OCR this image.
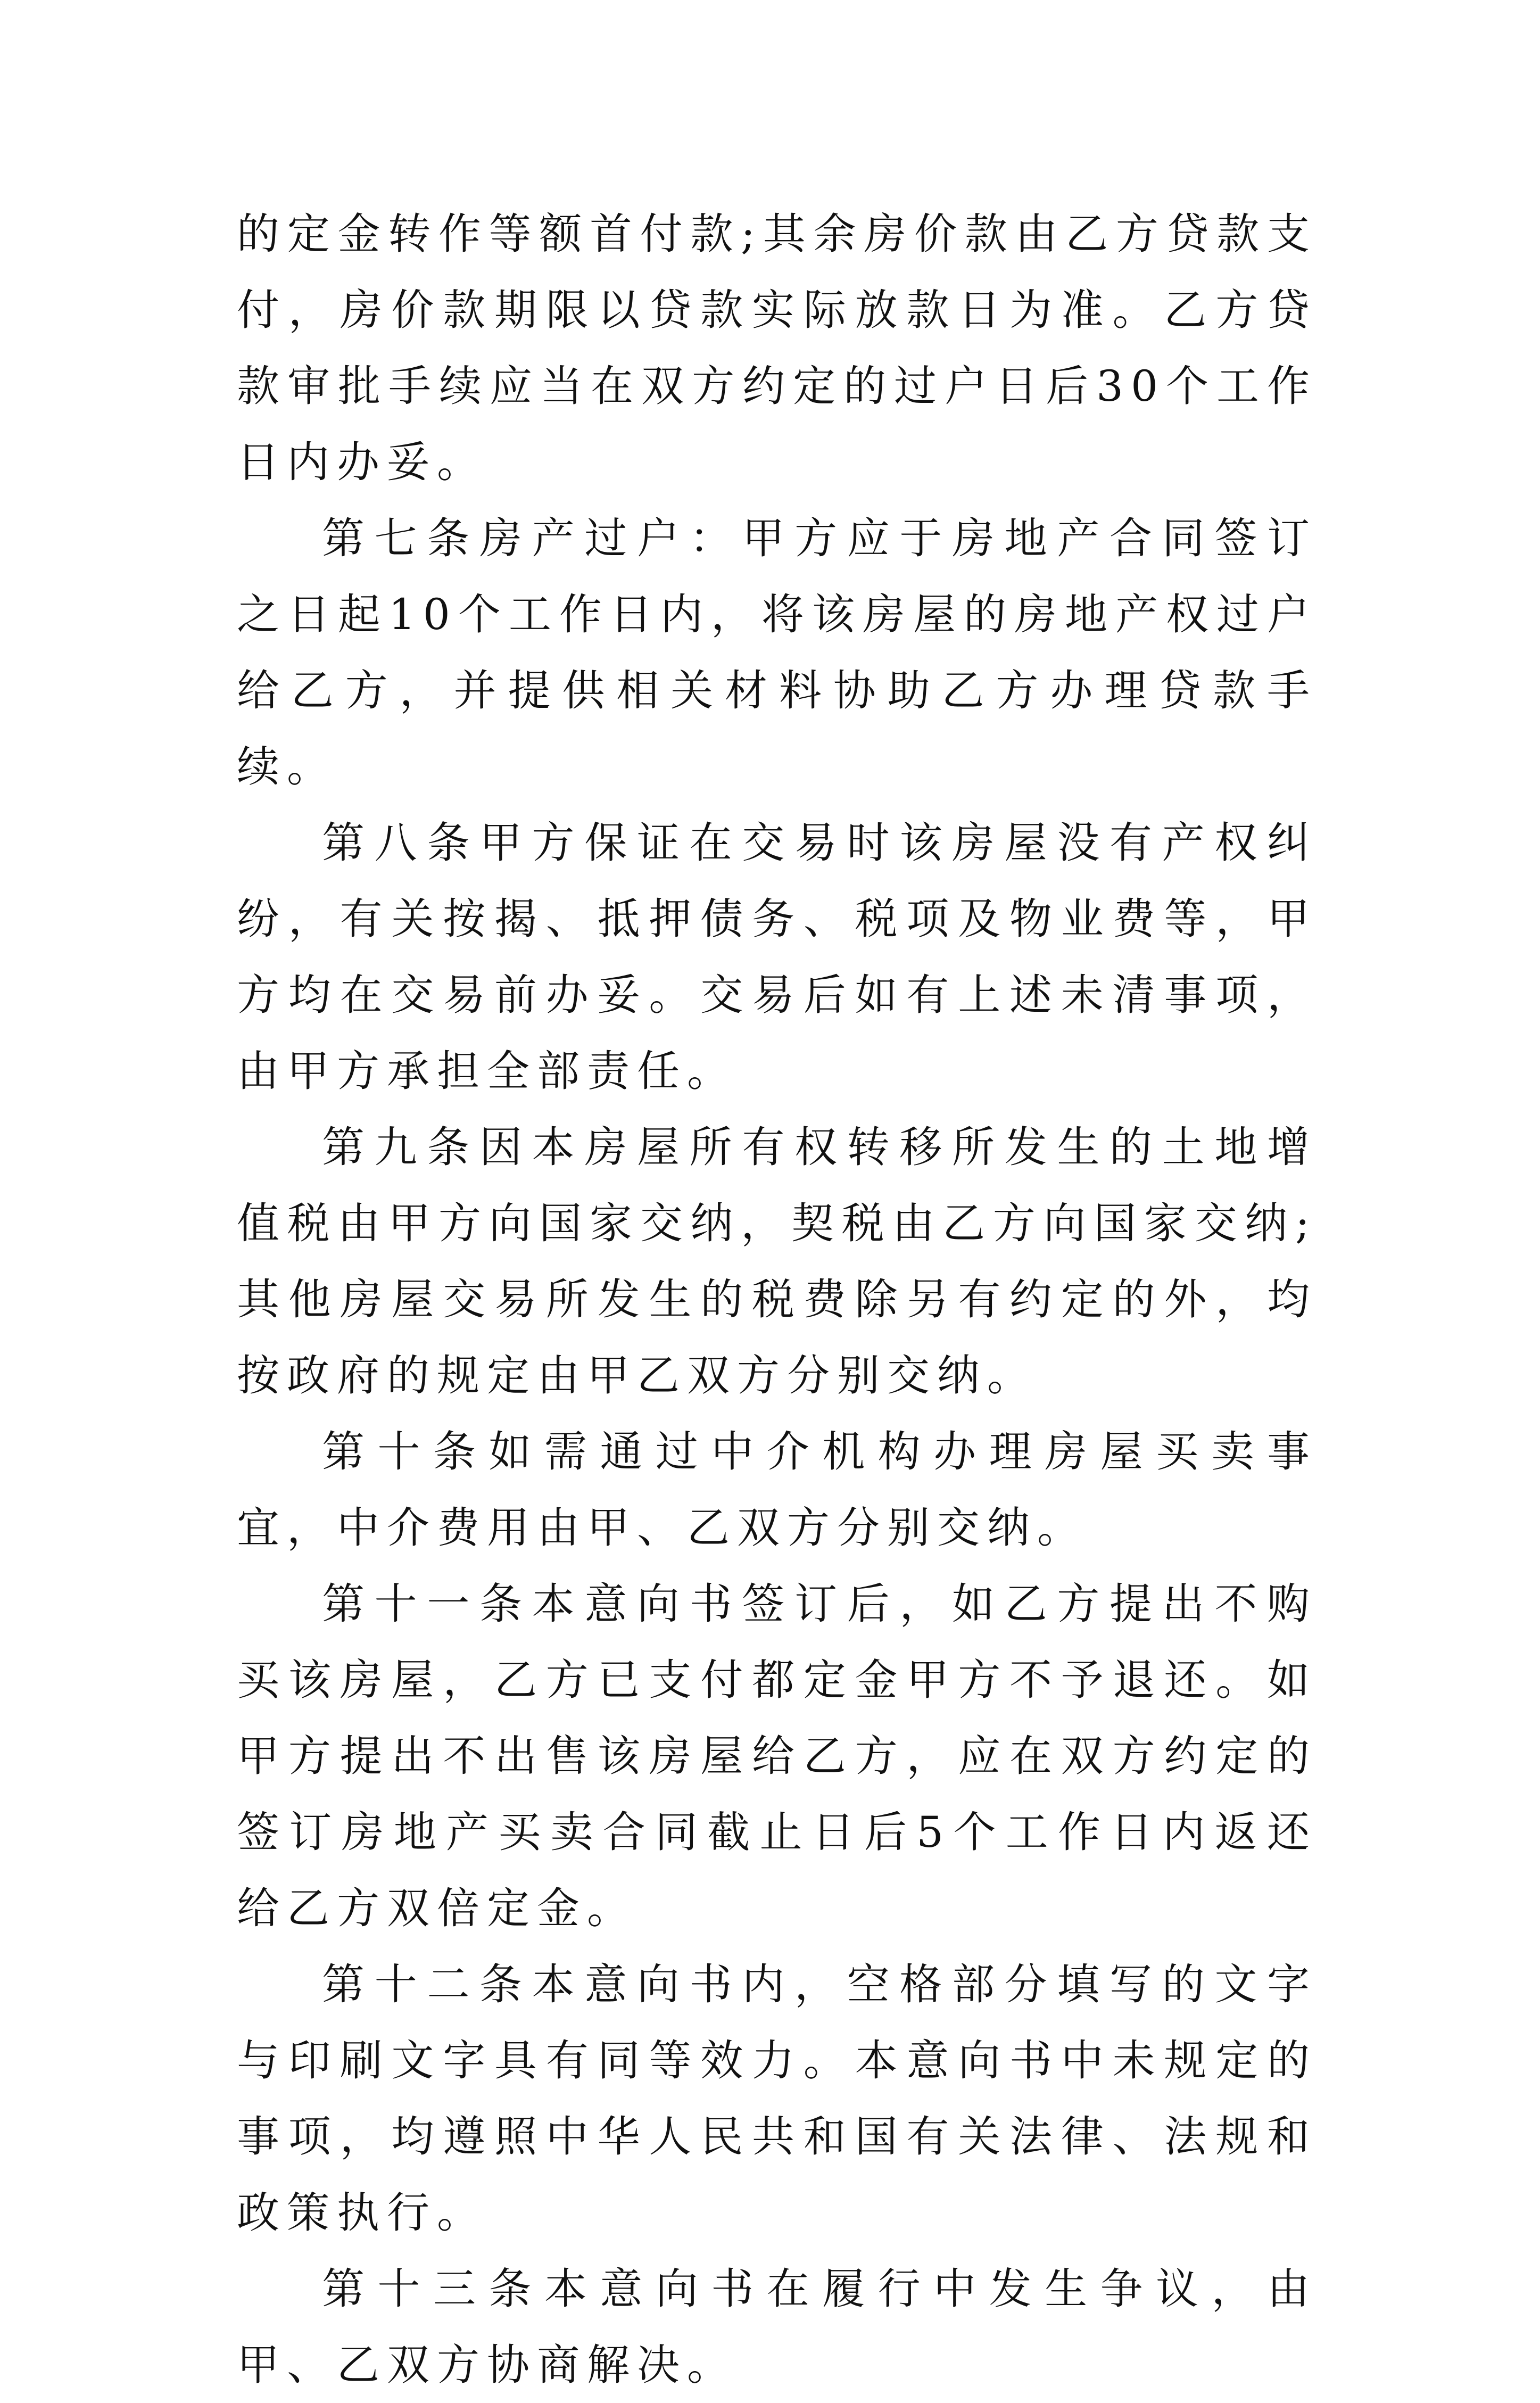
的定金转作等额首付款;其余房价款由乙方贷款支付，房价款期限以贷款实际放款日为准。乙方贷款审批手续应当在双方约定的过户日后30个工作日内办妥。

第七条房产过户：甲方应于房地产合同签订之日起10个工作日内，将该房屋的房地产权过户给乙方，并提供相关材料协助乙方办理贷款手续。

第八条甲方保证在交易时该房屋没有产权纠纷，有关按揭、抵押债务、税项及物业费等，甲方均在交易前办妥。交易后如有上述未清事项，由甲方承担全部责任。

第九条因本房屋所有权转移所发生的土地增值税由甲方向国家交纳，契税由乙方向国家交纳;其他房屋交易所发生的税费除另有约定的外，均按政府的规定由甲乙双方分别交纳。

第十条如需通过中介机构办理房屋买卖事宜，中介费用由甲、乙双方分别交纳。

第十一条本意向书签订后，如乙方提出不购买该房屋，乙方已支付都定金甲方不予退还。如甲方提出不出售该房屋给乙方，应在双方约定的签订房地产买卖合同截止日后5个工作日内返还给乙方双倍定金。

第十二条本意向书内，空格部分填写的文字与印刷文字具有同等效力。本意向书中未规定的事项，均遵照中华人民共和国有关法律、法规和政策执行。

第十三条本意向书在履行中发生争议，由甲、乙双方协商解决。
